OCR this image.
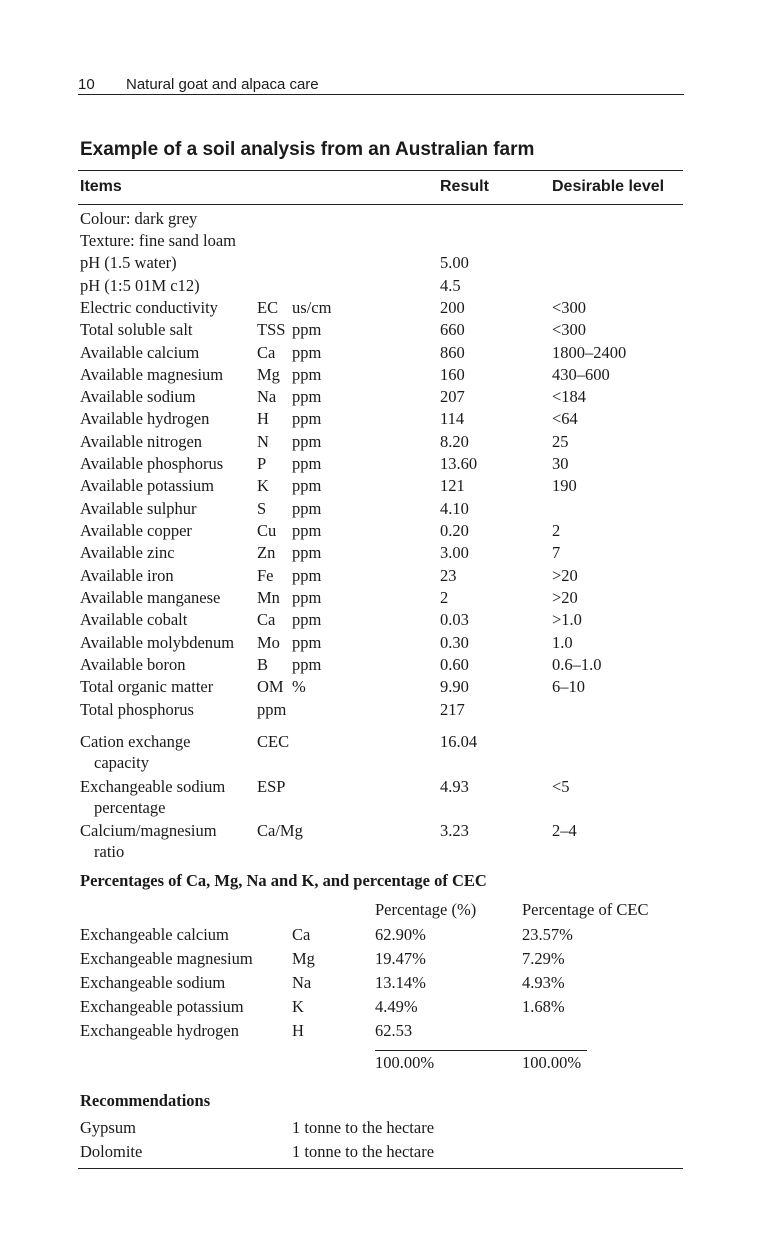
10 Natural goat and alpaca care
Example of a soil analysis from an Australian farm
Items	Result	Desirable level
Colour: dark grey
Texture: fine sand loam
pH (1.5 water)	5.00
pH (1:5 01M c12)	4.5
Electric conductivity EC us/cm	200	<300
Total soluble salt	TSS ppm	660	<300
Available calcium	Ca ppm	860	1800–2400
Available magnesium Mg ppm	160	430–600
Available sodium	Na ppm	207	<184
Available hydrogen	H ppm	114	<64
Available nitrogen	N ppm	8.20	25
Available phosphorus P ppm	13.60	30
Available potassium	K ppm	121	190
Available sulphur	S ppm	4.10
Available copper	Cu ppm	0.20	2
Available zinc	Zn ppm	3.00	7
Available iron	Fe ppm	23	>20
Available manganese Mn ppm	2	>20
Available cobalt	Ca ppm	0.03	>1.0
Available molybdenum Mo ppm	0.30	1.0
Available boron	B ppm	0.60	0.6–1.0
Total organic matter	OM %	9.90	6–10
Total phosphorus	ppm	217
Cation exchange
capacity
CEC	16.04
Exchangeable sodium
percentage
ESP	4.93	<5
Calcium/magnesium
ratio
Ca/Mg	3.23	2–4
Percentages of Ca, Mg, Na and K, and percentage of CEC
Percentage (%)	Percentage of CEC
Exchangeable calcium	Ca	62.90%	23.57%
Exchangeable magnesium Mg	19.47%	7.29%
Exchangeable sodium	Na	13.14%	4.93%
Exchangeable potassium	K	4.49%	1.68%
Exchangeable hydrogen	H	62.53
100.00%	100.00%
Recommendations
Gypsum	1 tonne to the hectare
Dolomite	1 tonne to the hectare
